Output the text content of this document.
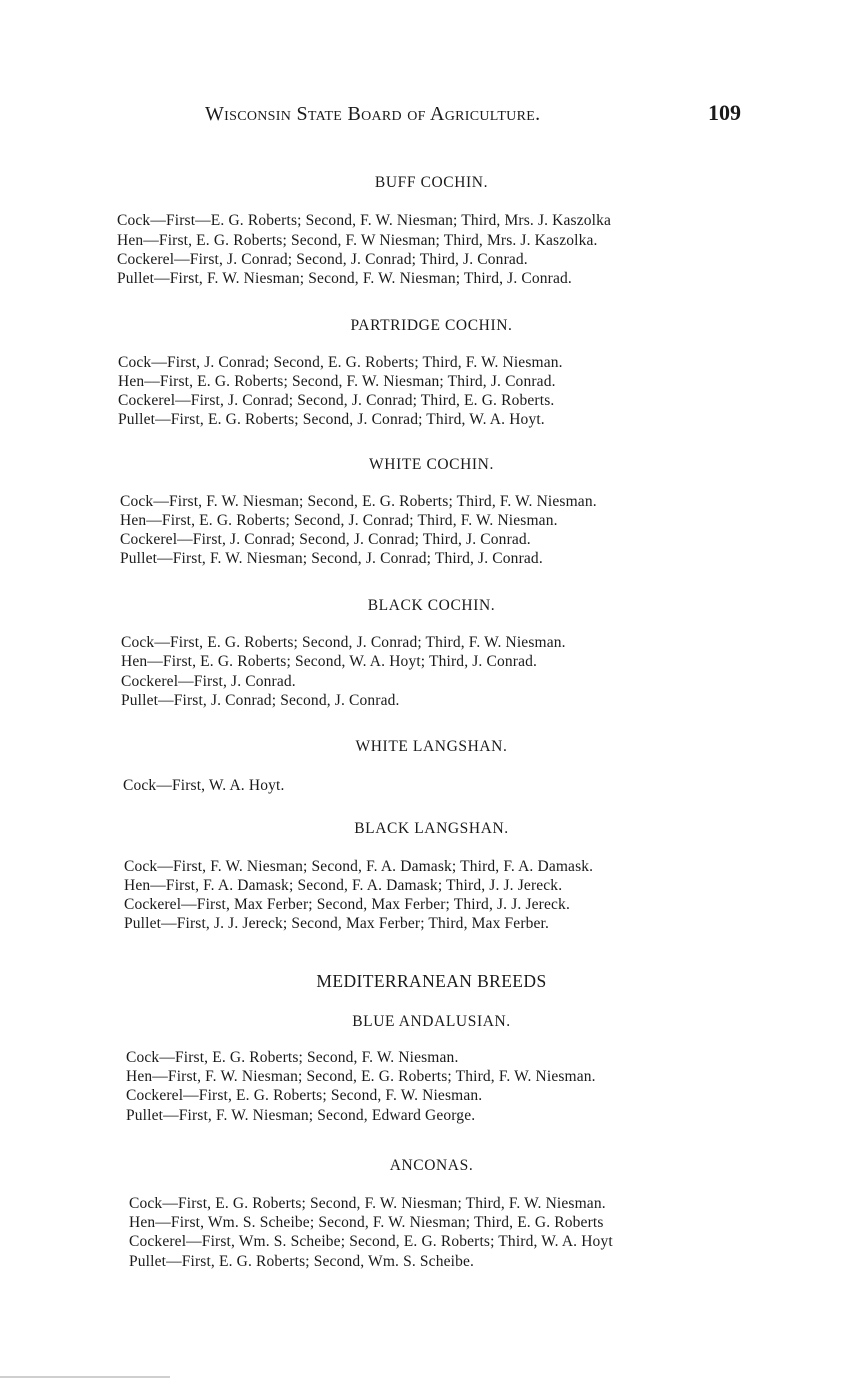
Wisconsin State Board of Agriculture.	109
BUFF COCHIN.
Cock—First—E. G. Roberts; Second, F. W. Niesman; Third, Mrs. J. Kaszolka
Hen—First, E. G. Roberts; Second, F. W Niesman; Third, Mrs. J. Kaszolka.
Cockerel—First, J. Conrad; Second, J. Conrad; Third, J. Conrad.
Pullet—First, F. W. Niesman; Second, F. W. Niesman; Third, J. Conrad.
PARTRIDGE COCHIN.
Cock—First, J. Conrad; Second, E. G. Roberts; Third, F. W. Niesman.
Hen—First, E. G. Roberts; Second, F. W. Niesman; Third, J. Conrad.
Cockerel—First, J. Conrad; Second, J. Conrad; Third, E. G. Roberts.
Pullet—First, E. G. Roberts; Second, J. Conrad; Third, W. A. Hoyt.
WHITE COCHIN.
Cock—First, F. W. Niesman; Second, E. G. Roberts; Third, F. W. Niesman.
Hen—First, E. G. Roberts; Second, J. Conrad; Third, F. W. Niesman.
Cockerel—First, J. Conrad; Second, J. Conrad; Third, J. Conrad.
Pullet—First, F. W. Niesman; Second, J. Conrad; Third, J. Conrad.
BLACK COCHIN.
Cock—First, E. G. Roberts; Second, J. Conrad; Third, F. W. Niesman.
Hen—First, E. G. Roberts; Second, W. A. Hoyt; Third, J. Conrad.
Cockerel—First, J. Conrad.
Pullet—First, J. Conrad; Second, J. Conrad.
WHITE LANGSHAN.
Cock—First, W. A. Hoyt.
BLACK LANGSHAN.
Cock—First, F. W. Niesman; Second, F. A. Damask; Third, F. A. Damask.
Hen—First, F. A. Damask; Second, F. A. Damask; Third, J. J. Jereck.
Cockerel—First, Max Ferber; Second, Max Ferber; Third, J. J. Jereck.
Pullet—First, J. J. Jereck; Second, Max Ferber; Third, Max Ferber.
MEDITERRANEAN BREEDS
BLUE ANDALUSIAN.
Cock—First, E. G. Roberts; Second, F. W. Niesman.
Hen—First, F. W. Niesman; Second, E. G. Roberts; Third, F. W. Niesman.
Cockerel—First, E. G. Roberts; Second, F. W. Niesman.
Pullet—First, F. W. Niesman; Second, Edward George.
ANCONAS.
Cock—First, E. G. Roberts; Second, F. W. Niesman; Third, F. W. Niesman.
Hen—First, Wm. S. Scheibe; Second, F. W. Niesman; Third, E. G. Roberts
Cockerel—First, Wm. S. Scheibe; Second, E. G. Roberts; Third, W. A. Hoyt
Pullet—First, E. G. Roberts; Second, Wm. S. Scheibe.
